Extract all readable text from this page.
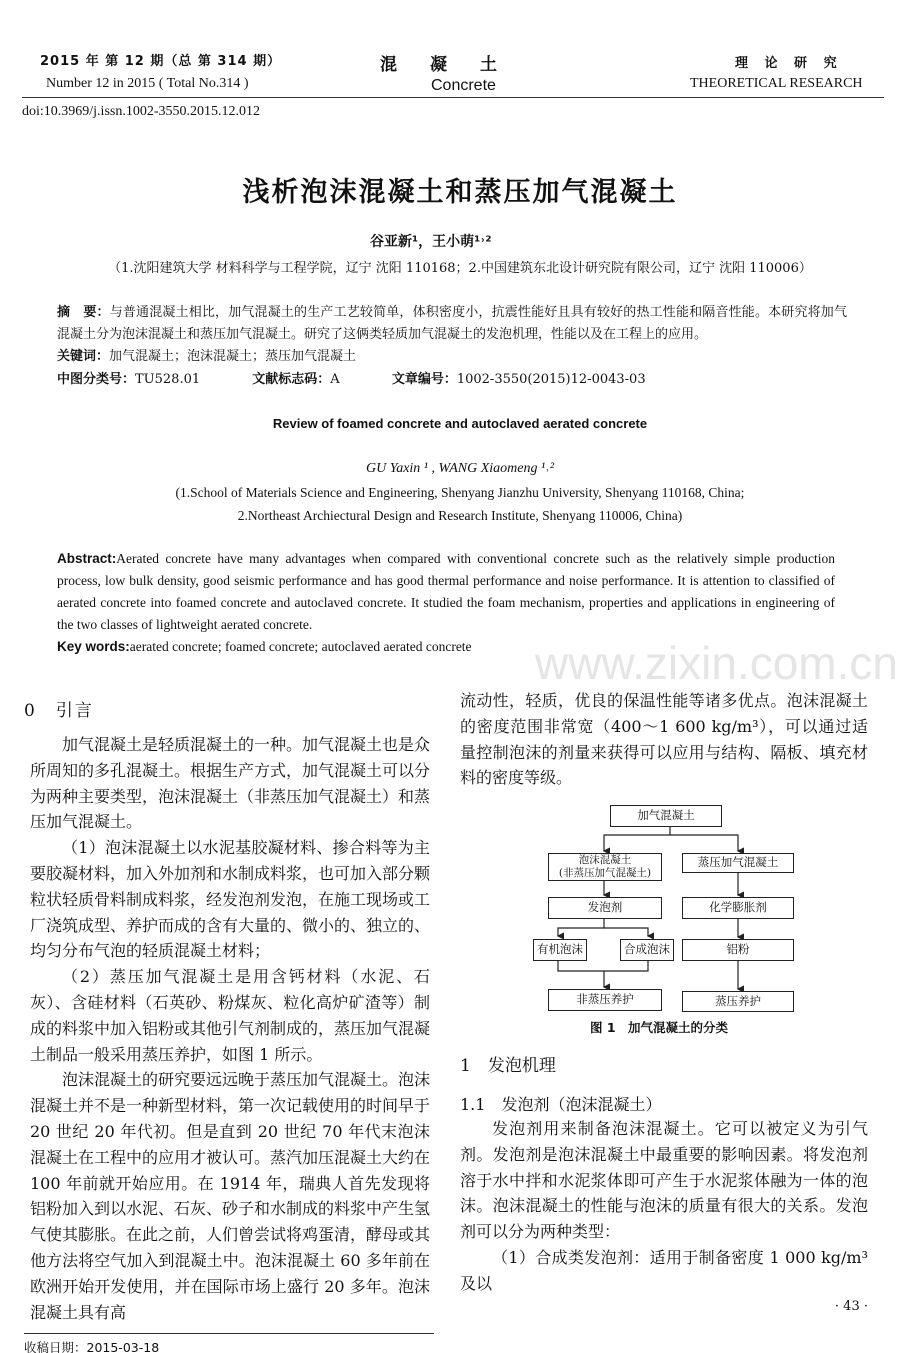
2015 年 第 12 期（总 第 314 期）
Number 12 in 2015 ( Total No.314 )
混　凝　土
Concrete
理 论 研 究
THEORETICAL RESEARCH
doi:10.3969/j.issn.1002-3550.2015.12.012
浅析泡沫混凝土和蒸压加气混凝土
谷亚新¹，王小萌¹˒²
（1.沈阳建筑大学 材料科学与工程学院，辽宁 沈阳 110168；2.中国建筑东北设计研究院有限公司，辽宁 沈阳 110006）
摘　要：与普通混凝土相比，加气混凝土的生产工艺较简单，体积密度小，抗震性能好且具有较好的热工性能和隔音性能。本研究将加气混凝土分为泡沫混凝土和蒸压加气混凝土。研究了这俩类轻质加气混凝土的发泡机理，性能以及在工程上的应用。
关键词：加气混凝土；泡沫混凝土；蒸压加气混凝土
中图分类号：TU528.01	文献标志码：A	文章编号：1002-3550(2015)12-0043-03
Review of foamed concrete and autoclaved aerated concrete
GU Yaxin ¹ , WANG Xiaomeng ¹˒²
(1.School of Materials Science and Engineering, Shenyang Jianzhu University, Shenyang 110168, China;
2.Northeast Archiectural Design and Research Institute, Shenyang 110006, China)
Abstract:Aerated concrete have many advantages when compared with conventional concrete such as the relatively simple production process, low bulk density, good seismic performance and has good thermal performance and noise performance. It is attention to classified of aerated concrete into foamed concrete and autoclaved concrete. It studied the foam mechanism, properties and applications in engineering of the two classes of lightweight aerated concrete.
Key words:aerated concrete; foamed concrete; autoclaved aerated concrete	www.zixin.com.cn
0　引言

加气混凝土是轻质混凝土的一种。加气混凝土也是众所周知的多孔混凝土。根据生产方式，加气混凝土可以分为两种主要类型，泡沫混凝土（非蒸压加气混凝土）和蒸压加气混凝土。

（1）泡沫混凝土以水泥基胶凝材料、掺合料等为主要胶凝材料，加入外加剂和水制成料浆，也可加入部分颗粒状轻质骨料制成料浆，经发泡剂发泡，在施工现场或工厂浇筑成型、养护而成的含有大量的、微小的、独立的、均匀分布气泡的轻质混凝土材料；

（2）蒸压加气混凝土是用含钙材料（水泥、石灰）、含硅材料（石英砂、粉煤灰、粒化高炉矿渣等）制成的料浆中加入铝粉或其他引气剂制成的，蒸压加气混凝土制品一般采用蒸压养护，如图 1 所示。

泡沫混凝土的研究要远远晚于蒸压加气混凝土。泡沫混凝土并不是一种新型材料，第一次记载使用的时间早于 20 世纪 20 年代初。但是直到 20 世纪 70 年代末泡沫混凝土在工程中的应用才被认可。蒸汽加压混凝土大约在 100 年前就开始应用。在 1914 年，瑞典人首先发现将铝粉加入到以水泥、石灰、砂子和水制成的料浆中产生氢气使其膨胀。在此之前，人们曾尝试将鸡蛋清，酵母或其他方法将空气加入到混凝土中。泡沫混凝土 60 多年前在欧洲开始开发使用，并在国际市场上盛行 20 多年。泡沫混凝土具有高

收稿日期：2015-03-18

流动性，轻质，优良的保温性能等诸多优点。泡沫混凝土的密度范围非常宽（400～1 600 kg/m³），可以通过适量控制泡沫的剂量来获得可以应用与结构、隔板、填充材料的密度等级。

加气混凝土
泡沫混凝土
(非蒸压加气混凝土)
发泡剂
有机泡沫	合成泡沫
非蒸压养护
蒸压加气混凝土
化学膨胀剂
铝粉
蒸压养护
图 1　加气混凝土的分类
1　发泡机理
1.1　发泡剂（泡沫混凝土）

发泡剂用来制备泡沫混凝土。它可以被定义为引气剂。发泡剂是泡沫混凝土中最重要的影响因素。将发泡剂溶于水中拌和水泥浆体即可产生于水泥浆体融为一体的泡沫。泡沫混凝土的性能与泡沫的质量有很大的关系。发泡剂可以分为两种类型：

（1）合成类发泡剂：适用于制备密度 1 000 kg/m³ 及以

· 43 ·
